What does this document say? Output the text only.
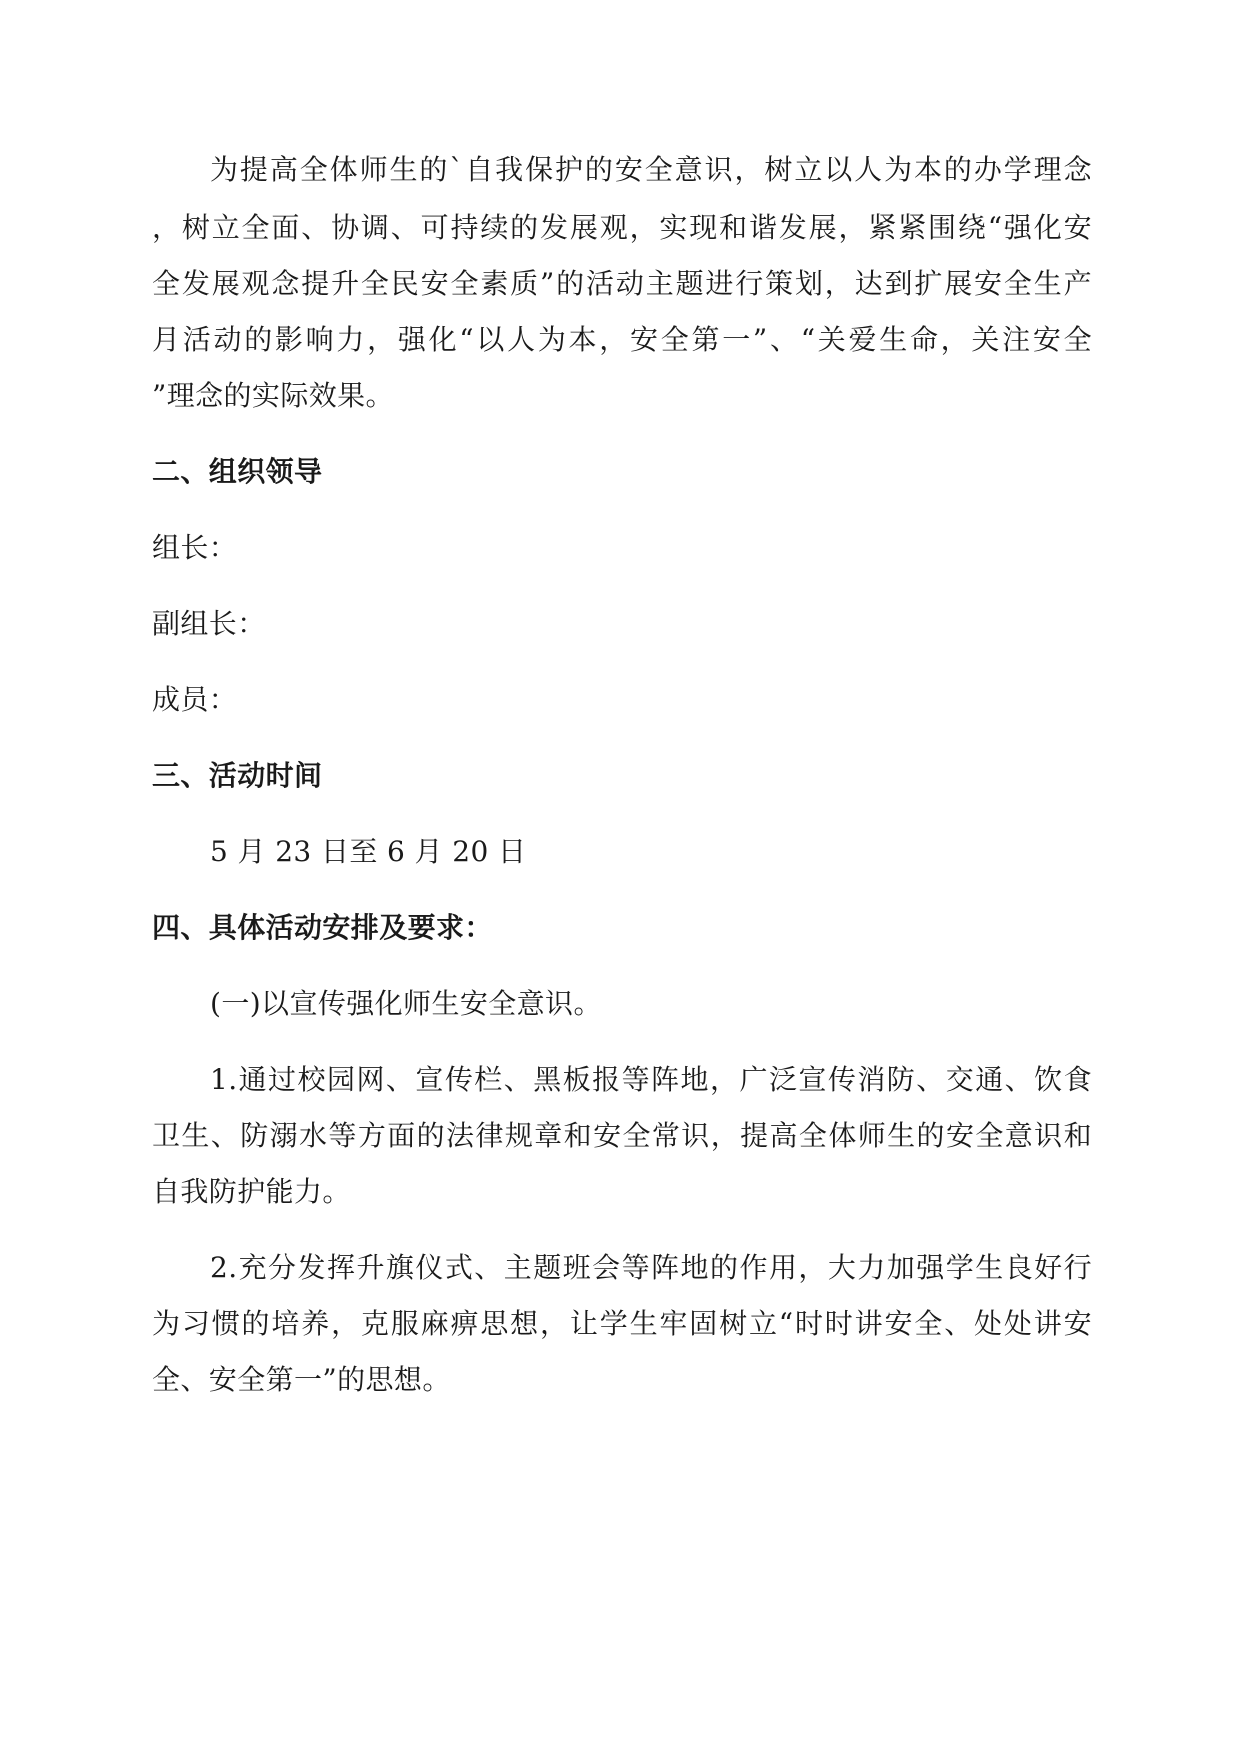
为提高全体师生的`自我保护的安全意识，树立以人为本的办学理念
，树立全面、协调、可持续的发展观，实现和谐发展，紧紧围绕“强化安
全发展观念提升全民安全素质”的活动主题进行策划，达到扩展安全生产
月活动的影响力，强化“以人为本，安全第一”、“关爱生命，关注安全
”理念的实际效果。
二、组织领导
组长：
副组长：
成员：
三、活动时间
5 月 23 日至 6 月 20 日
四、具体活动安排及要求：
(一)以宣传强化师生安全意识。
1.通过校园网、宣传栏、黑板报等阵地，广泛宣传消防、交通、饮食
卫生、防溺水等方面的法律规章和安全常识，提高全体师生的安全意识和
自我防护能力。
2.充分发挥升旗仪式、主题班会等阵地的作用，大力加强学生良好行
为习惯的培养，克服麻痹思想，让学生牢固树立“时时讲安全、处处讲安
全、安全第一”的思想。
